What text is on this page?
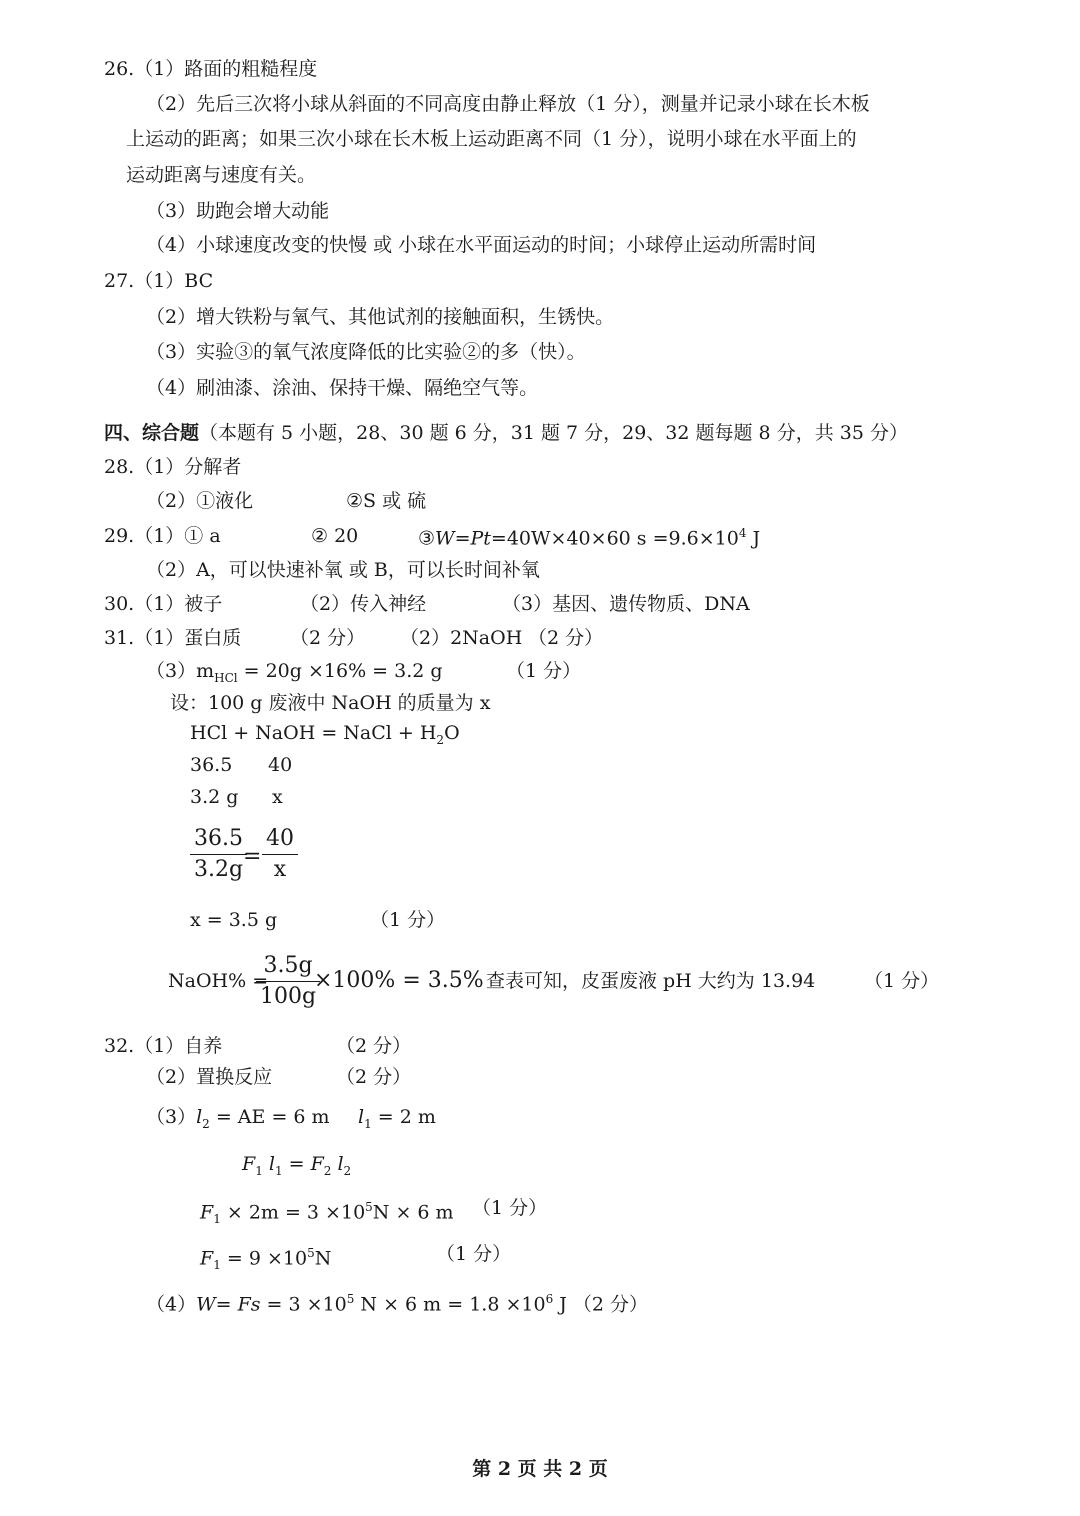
26.（1）路面的粗糙程度
（2）先后三次将小球从斜面的不同高度由静止释放（1 分），测量并记录小球在长木板
上运动的距离；如果三次小球在长木板上运动距离不同（1 分），说明小球在水平面上的
运动距离与速度有关。
（3）助跑会增大动能
（4）小球速度改变的快慢 或 小球在水平面运动的时间；小球停止运动所需时间
27.（1）BC
（2）增大铁粉与氧气、其他试剂的接触面积，生锈快。
（3）实验③的氧气浓度降低的比实验②的多（快）。
（4）刷油漆、涂油、保持干燥、隔绝空气等。
四、综合题（本题有 5 小题，28、30 题 6 分，31 题 7 分，29、32 题每题 8 分，共 35 分）
28.（1）分解者
（2）①液化	②S 或 硫
29.（1）① a	② 20	③W=Pt=40W×40×60 $s =9.6\times 10^4$ J
（2）A，可以快速补氧 或 B，可以长时间补氧
30.（1）被子	（2）传入神经	（3）基因、遗传物质、DNA
31.（1）蛋白质	（2 分） （2）2NaOH （2 分）
$(3)m_{HCl} = 20g \times 16\% = 3.2$ g	（1 分）
设：100 g 废液中 NaOH 的质量为 x
HCl + NaOH = NaCl + $H_2O$
36.5 40
3.2 g x
$\frac{36.5}{3.2g}$
= $\frac{40}{x}$
x = 3.5 g	（1 分）
NaOH% =
$\frac{3.5g}{100g}$
×100% = 3.5% 查表可知，皮蛋废液 pH 大约为 13.94	（1 分）
32.（1）自养	（2 分）
（2）置换反应	（2 分）
$(3)l_2$ = AE = 6 m $l_1 = 2$ m
$F_1$ $l_1 = F_2$ $l_2$
$F_1 \times 2m = 3 \times 10^5N \times 6$ m （1 分）
$F_1 = 9 \times 10^5N$	（1 分）
$(4)W= Fs = 3 \times 10^5$ N × 6 $m = 1.8 \times 10^6$ J （2 分）
第 2 页 共 2 页
